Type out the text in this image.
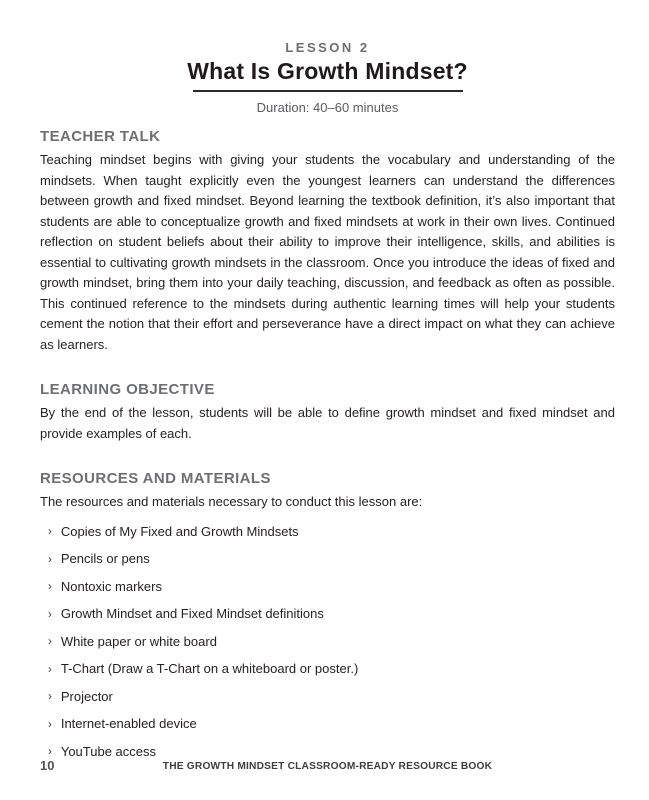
LESSON 2
What Is Growth Mindset?
Duration: 40–60 minutes
TEACHER TALK

Teaching mindset begins with giving your students the vocabulary and understanding of the mindsets. When taught explicitly even the youngest learners can understand the differences between growth and fixed mindset. Beyond learning the textbook definition, it’s also important that students are able to conceptualize growth and fixed mindsets at work in their own lives. Continued reflection on student beliefs about their ability to improve their intelligence, skills, and abilities is essential to cultivating growth mindsets in the classroom. Once you introduce the ideas of fixed and growth mindset, bring them into your daily teaching, discussion, and feedback as often as possible. This continued reference to the mindsets during authentic learning times will help your students cement the notion that their effort and perseverance have a direct impact on what they can achieve as learners.

LEARNING OBJECTIVE

By the end of the lesson, students will be able to define growth mindset and fixed mindset and provide examples of each.

RESOURCES AND MATERIALS

The resources and materials necessary to conduct this lesson are:

› Copies of My Fixed and Growth Mindsets
› Pencils or pens
› Nontoxic markers
› Growth Mindset and Fixed Mindset definitions
› White paper or white board
› T-Chart (Draw a T-Chart on a whiteboard or poster.)
› Projector
› Internet-enabled device
› YouTube access
10	THE GROWTH MINDSET CLASSROOM-READY RESOURCE BOOK
